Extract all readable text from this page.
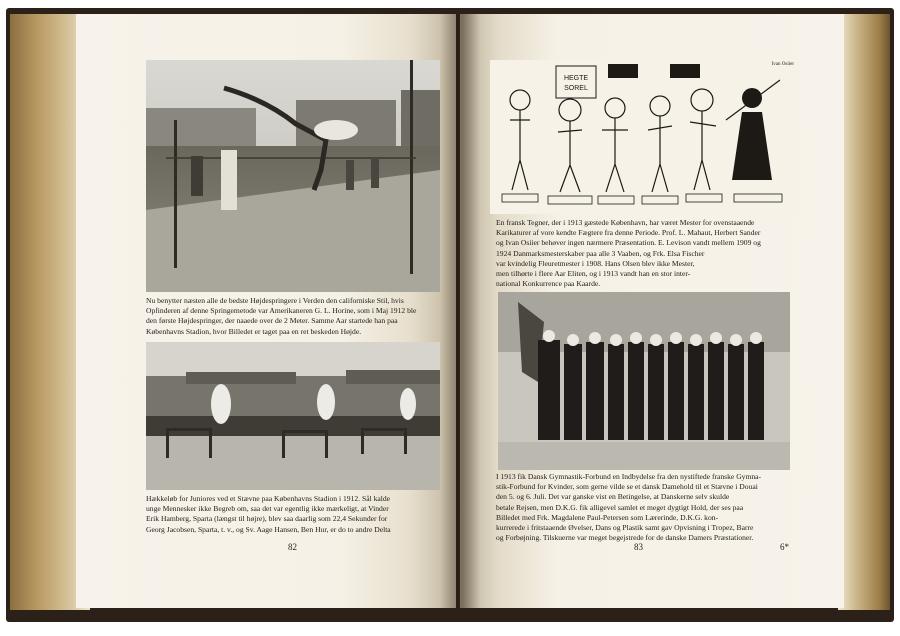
Nu benytter næsten alle de bedste Højdespringere i Verden den californiske Stil, hvis
Opfinderen af denne Springemetode var Amerikaneren G. L. Horine, som i Maj 1912 ble
den første Højdespringer, der naaede over de 2 Meter. Samme Aar startede han paa
Københavns Stadion, hvor Billedet er taget paa en ret beskeden Højde.
Hækkeløb for Juniores ved et Stævne paa Københavns Stadion i 1912. Sål kalde
unge Mennesker ikke Begreb om, saa det var egentlig ikke mærkeligt, at Vinder
Erik Hamberg, Sparta (længst til højre), blev saa daarlig som 22,4 Sekunder for
Georg Jacobsen, Sparta, t. v., og Sv. Aage Hansen, Ben Hur, er do to andre Delta
82
HEGTE
SOREL
Ivan Osiier
En fransk Tegner, der i 1913 gæstede København, har været Mester for ovenstaaende
Karikaturer af vore kendte Fægtere fra denne Periode. Prof. L. Mahaut, Herbert Sander
og Ivan Osiier behøver ingen nærmere Præsentation. E. Levison vandt mellem 1909 og
1924 Danmarksmesterskaber paa alle 3 Vaaben, og Frk. Elsa Fischer
var kvindelig Fleuretmester i 1908. Hans Olsen blev ikke Mester,
men tilhørte i flere Aar Eliten, og i 1913 vandt han en stor inter-
national Konkurrence paa Kaarde.
I 1913 fik Dansk Gymnastik-Forbund en Indbydelse fra den nystiftede franske Gymna-
stik-Forbund for Kvinder, som gerne vilde se et dansk Damehold til et Stævne i Douai
den 5. og 6. Juli. Det var ganske vist en Betingelse, at Danskerne selv skulde
betale Rejsen, men D.K.G. fik alligevel samlet et meget dygtigt Hold, der ses paa
Billedet med Frk. Magdalene Paul-Petersen som Lærerinde, D.K.G. kon-
kurrerede i fritstaaende Øvelser, Dans og Plastik samt gav Opvisning i Tropez, Barre
og Forbøjning. Tilskuerne var meget begejstrede for de danske Damers Præstationer.
83	6*
